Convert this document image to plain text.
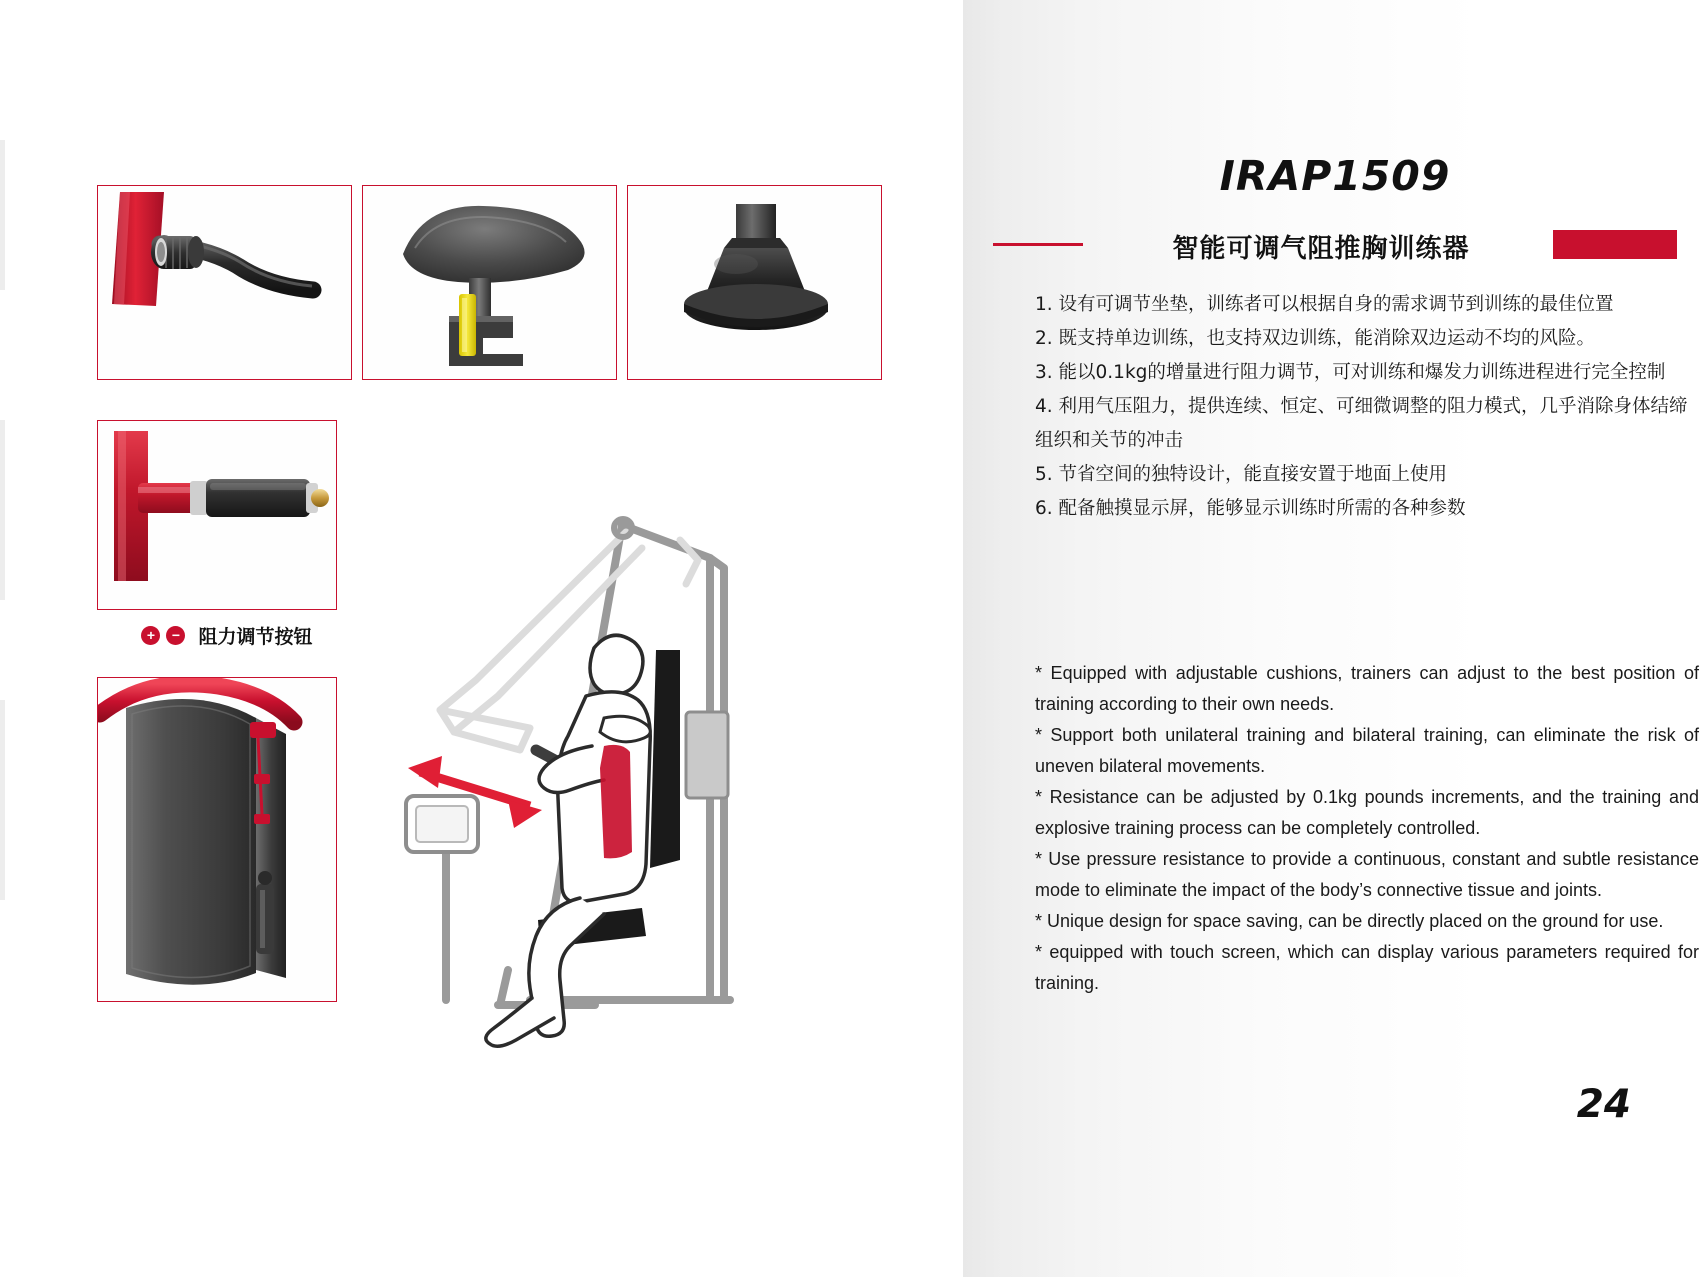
+	− 阻力调节按钮
IRAP1509
智能可调气阻推胸训练器
1. 设有可调节坐垫，训练者可以根据自身的需求调节到训练的最佳位置
2. 既支持单边训练，也支持双边训练，能消除双边运动不均的风险。
3. 能以0.1kg的增量进行阻力调节，可对训练和爆发力训练进程进行完全控制
4. 利用气压阻力，提供连续、恒定、可细微调整的阻力模式，几乎消除身体结缔组织和关节的冲击
5. 节省空间的独特设计，能直接安置于地面上使用
6. 配备触摸显示屏，能够显示训练时所需的各种参数
* Equipped with adjustable cushions, trainers can adjust to the best position of training according to their own needs.
* Support both unilateral training and bilateral training, can eliminate the risk of uneven bilateral movements.
* Resistance can be adjusted by 0.1kg pounds increments, and the training and explosive training process can be completely controlled.
* Use pressure resistance to provide a continuous, constant and subtle resistance mode to eliminate the impact of the body’s connective tissue and joints.
* Unique design for space saving, can be directly placed on the ground for use.
* equipped with touch screen, which can display various parameters required for training.
24
